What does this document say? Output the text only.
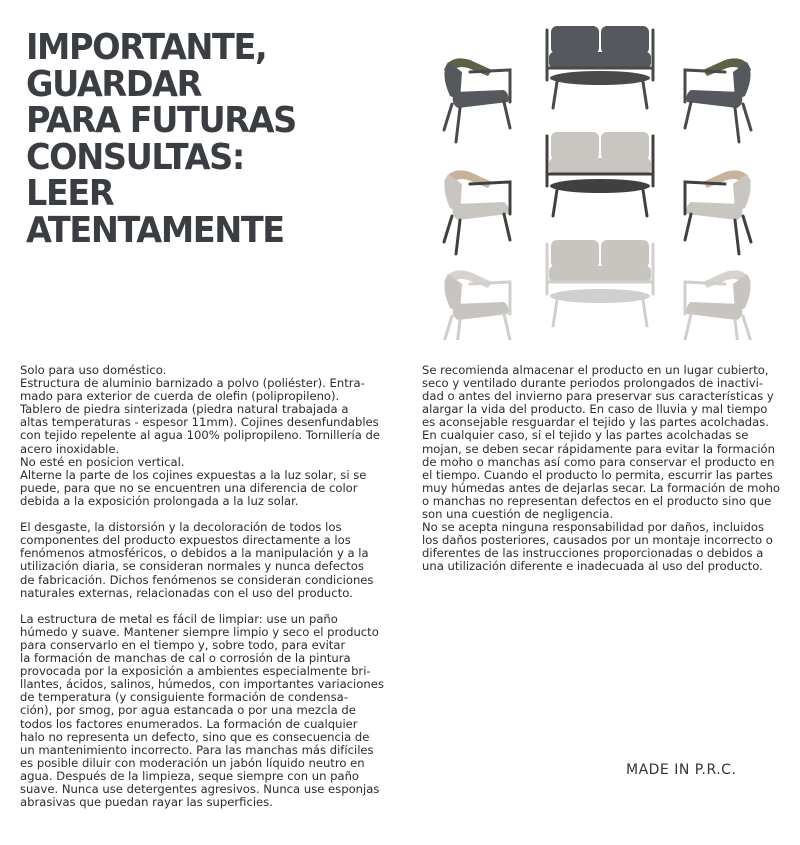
IMPORTANTE,
GUARDAR
PARA FUTURAS
CONSULTAS:
LEER
ATENTAMENTE

Solo para uso doméstico.
Estructura de aluminio barnizado a polvo (poliéster). Entra-
mado para exterior de cuerda de olefin (polipropileno).
Tablero de piedra sinterizada (piedra natural trabajada a
altas temperaturas - espesor 11mm). Cojines desenfundables
con tejido repelente al agua 100% polipropileno. Tornillería de
acero inoxidable.
No esté en posicion vertical.
Alterne la parte de los cojines expuestas a la luz solar, si se
puede, para que no se encuentren una diferencia de color
debida a la exposición prolongada a la luz solar.

El desgaste, la distorsión y la decoloración de todos los
componentes del producto expuestos directamente a los
fenómenos atmosféricos, o debidos a la manipulación y a la
utilización diaria, se consideran normales y nunca defectos
de fabricación. Dichos fenómenos se consideran condiciones
naturales externas, relacionadas con el uso del producto.

La estructura de metal es fácil de limpiar: use un paño
húmedo y suave. Mantener siempre limpio y seco el producto
para conservarlo en el tiempo y, sobre todo, para evitar
la formación de manchas de cal o corrosión de la pintura
provocada por la exposición a ambientes especialmente bri-
llantes, ácidos, salinos, húmedos, con importantes variaciones
de temperatura (y consiguiente formación de condensa-
ción), por smog, por agua estancada o por una mezcla de
todos los factores enumerados. La formación de cualquier
halo no representa un defecto, sino que es consecuencia de
un mantenimiento incorrecto. Para las manchas más difíciles
es posible diluir con moderación un jabón líquido neutro en
agua. Después de la limpieza, seque siempre con un paño
suave. Nunca use detergentes agresivos. Nunca use esponjas
abrasivas que puedan rayar las superficies.

Se recomienda almacenar el producto en un lugar cubierto,
seco y ventilado durante periodos prolongados de inactivi-
dad o antes del invierno para preservar sus características y
alargar la vida del producto. En caso de lluvia y mal tiempo
es aconsejable resguardar el tejido y las partes acolchadas.
En cualquier caso, si el tejido y las partes acolchadas se
mojan, se deben secar rápidamente para evitar la formación
de moho o manchas así como para conservar el producto en
el tiempo. Cuando el producto lo permita, escurrir las partes
muy húmedas antes de dejarlas secar. La formación de moho
o manchas no representan defectos en el producto sino que
son una cuestión de negligencia.
No se acepta ninguna responsabilidad por daños, incluidos
los daños posteriores, causados por un montaje incorrecto o
diferentes de las instrucciones proporcionadas o debidos a
una utilización diferente e inadecuada al uso del producto.

MADE IN P.R.C.
